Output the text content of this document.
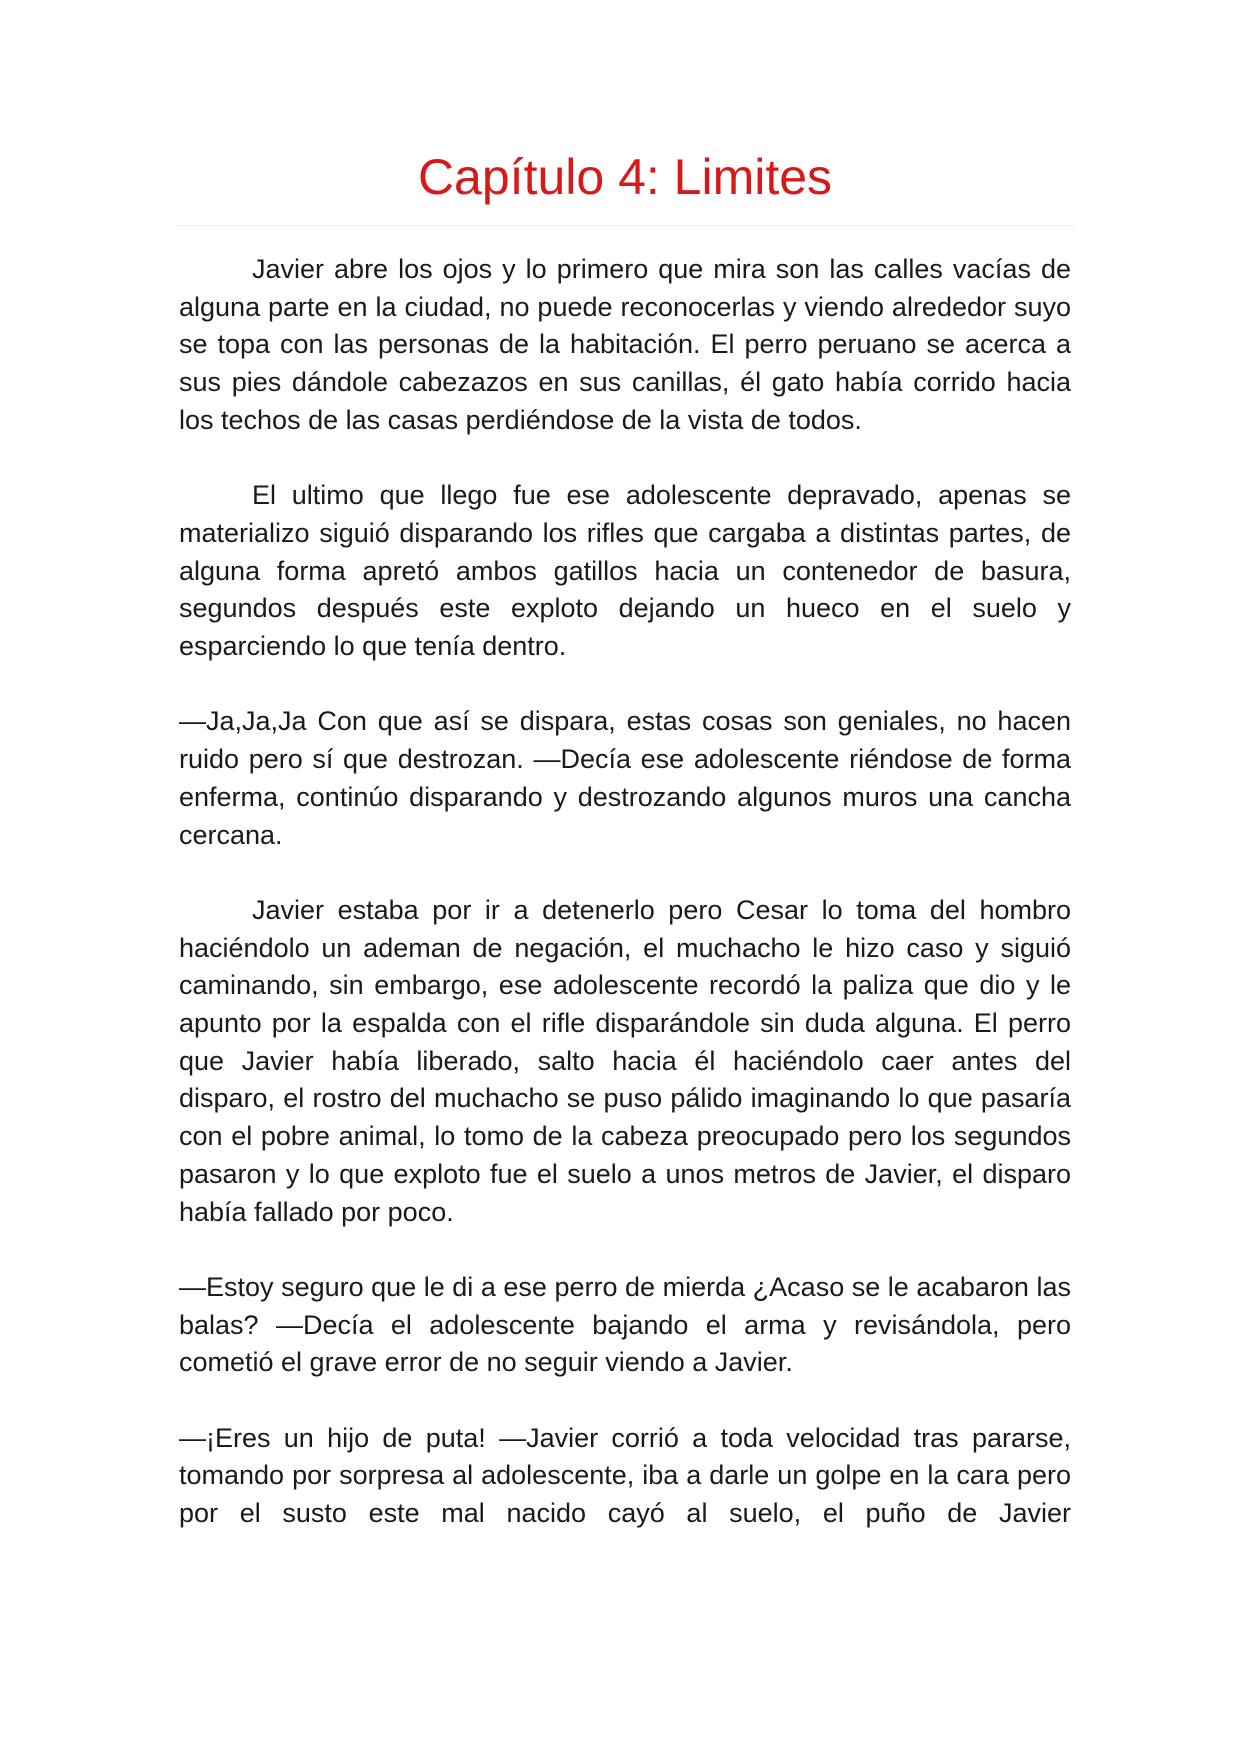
Capítulo 4: Limites

Javier abre los ojos y lo primero que mira son las calles vacías de alguna parte en la ciudad, no puede reconocerlas y viendo alrededor suyo se topa con las personas de la habitación. El perro peruano se acerca a sus pies dándole cabezazos en sus canillas, él gato había corrido hacia los techos de las casas perdiéndose de la vista de todos.

El ultimo que llego fue ese adolescente depravado, apenas se materializo siguió disparando los rifles que cargaba a distintas partes, de alguna forma apretó ambos gatillos hacia un contenedor de basura, segundos después este exploto dejando un hueco en el suelo y esparciendo lo que tenía dentro.

—Ja,Ja,Ja Con que así se dispara, estas cosas son geniales, no hacen ruido pero sí que destrozan. —Decía ese adolescente riéndose de forma enferma, continúo disparando y destrozando algunos muros una cancha cercana.

Javier estaba por ir a detenerlo pero Cesar lo toma del hombro haciéndolo un ademan de negación, el muchacho le hizo caso y siguió caminando, sin embargo, ese adolescente recordó la paliza que dio y le apunto por la espalda con el rifle disparándole sin duda alguna. El perro que Javier había liberado, salto hacia él haciéndolo caer antes del disparo, el rostro del muchacho se puso pálido imaginando lo que pasaría con el pobre animal, lo tomo de la cabeza preocupado pero los segundos pasaron y lo que exploto fue el suelo a unos metros de Javier, el disparo había fallado por poco.

—Estoy seguro que le di a ese perro de mierda ¿Acaso se le acabaron las balas? —Decía el adolescente bajando el arma y revisándola, pero cometió el grave error de no seguir viendo a Javier.

—¡Eres un hijo de puta! —Javier corrió a toda velocidad tras pararse, tomando por sorpresa al adolescente, iba a darle un golpe en la cara pero por el susto este mal nacido cayó al suelo, el puño de Javier
